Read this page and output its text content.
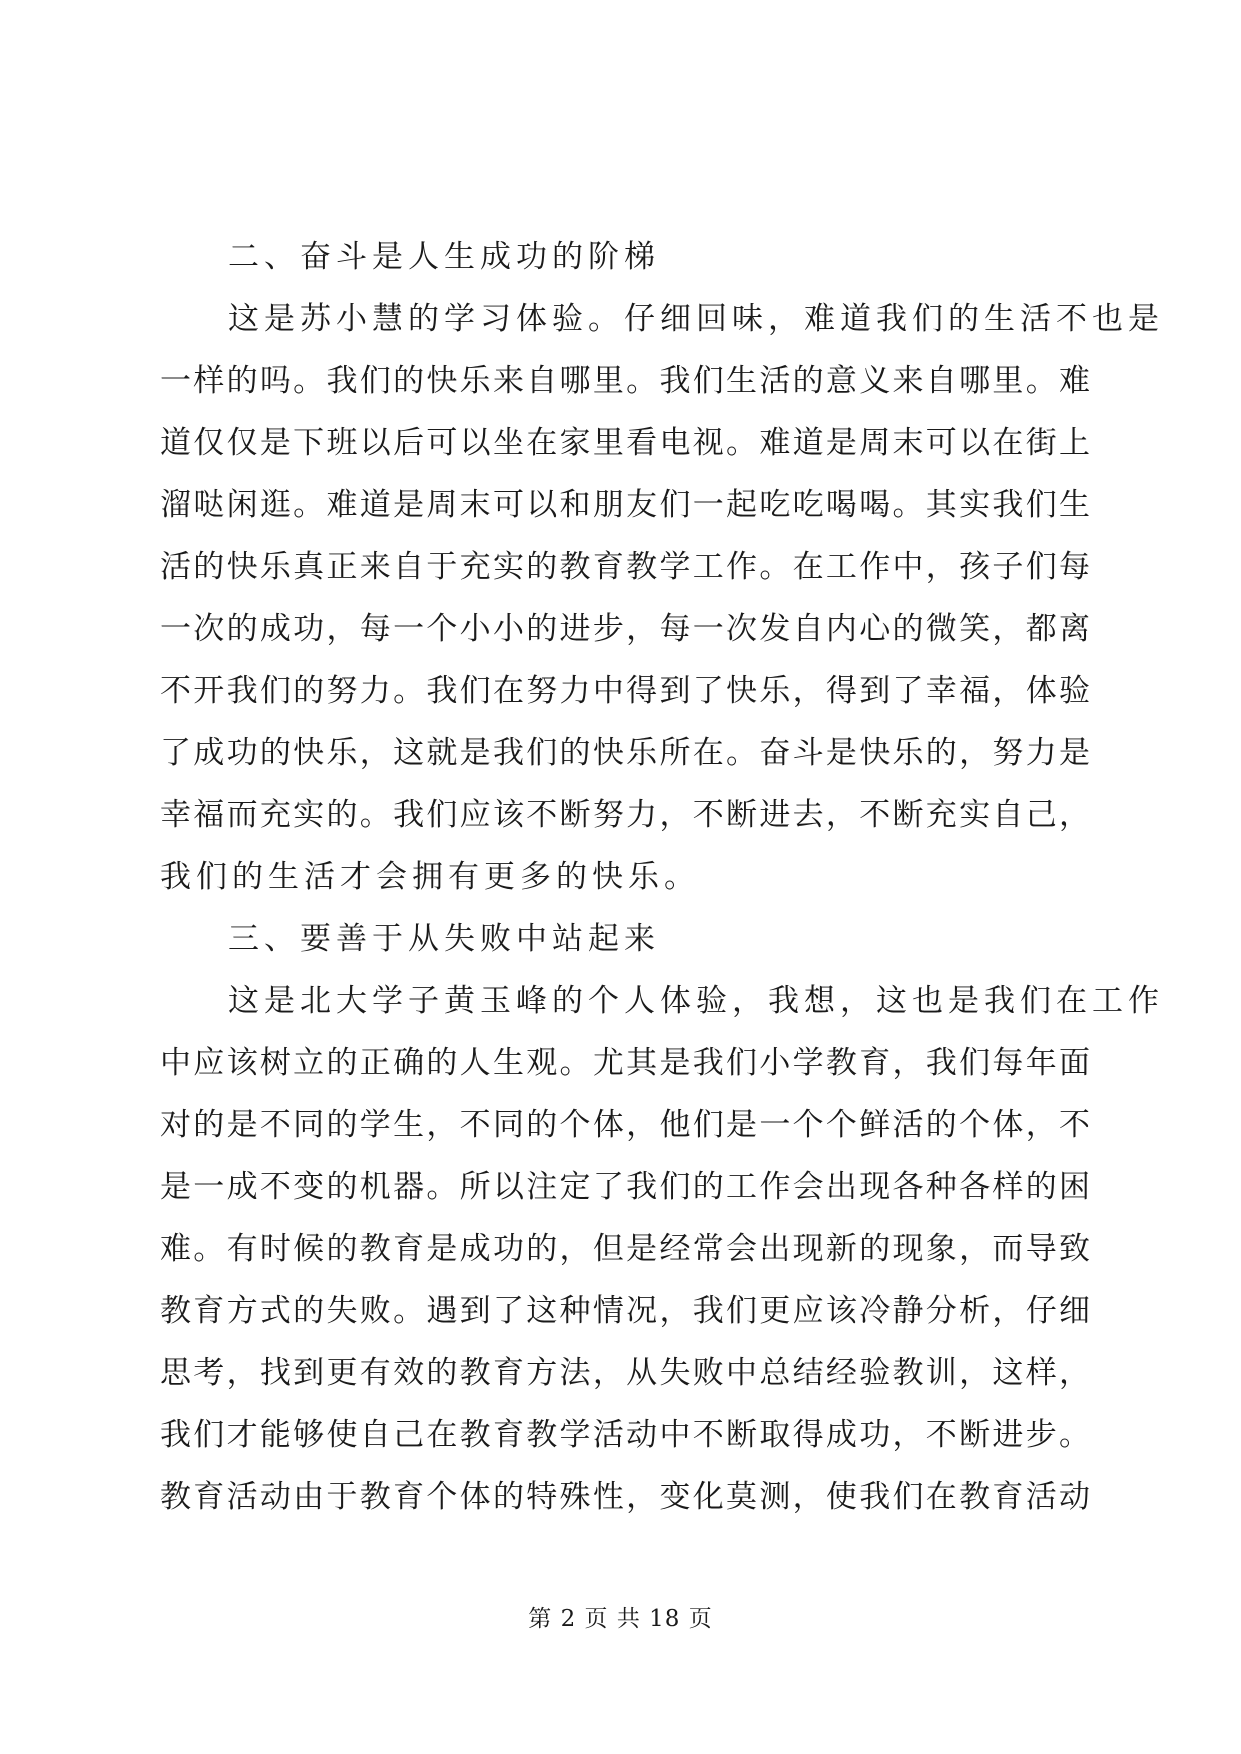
二、奋斗是人生成功的阶梯
这是苏小慧的学习体验。仔细回味，难道我们的生活不也是
一样的吗。我们的快乐来自哪里。我们生活的意义来自哪里。难
道仅仅是下班以后可以坐在家里看电视。难道是周末可以在街上
溜哒闲逛。难道是周末可以和朋友们一起吃吃喝喝。其实我们生
活的快乐真正来自于充实的教育教学工作。在工作中，孩子们每
一次的成功，每一个小小的进步，每一次发自内心的微笑，都离
不开我们的努力。我们在努力中得到了快乐，得到了幸福，体验
了成功的快乐，这就是我们的快乐所在。奋斗是快乐的，努力是
幸福而充实的。我们应该不断努力，不断进去，不断充实自己，
我们的生活才会拥有更多的快乐。
三、要善于从失败中站起来
这是北大学子黄玉峰的个人体验，我想，这也是我们在工作
中应该树立的正确的人生观。尤其是我们小学教育，我们每年面
对的是不同的学生，不同的个体，他们是一个个鲜活的个体，不
是一成不变的机器。所以注定了我们的工作会出现各种各样的困
难。有时候的教育是成功的，但是经常会出现新的现象，而导致
教育方式的失败。遇到了这种情况，我们更应该冷静分析，仔细
思考，找到更有效的教育方法，从失败中总结经验教训，这样，
我们才能够使自己在教育教学活动中不断取得成功，不断进步。
教育活动由于教育个体的特殊性，变化莫测，使我们在教育活动
第 2 页 共 18 页
